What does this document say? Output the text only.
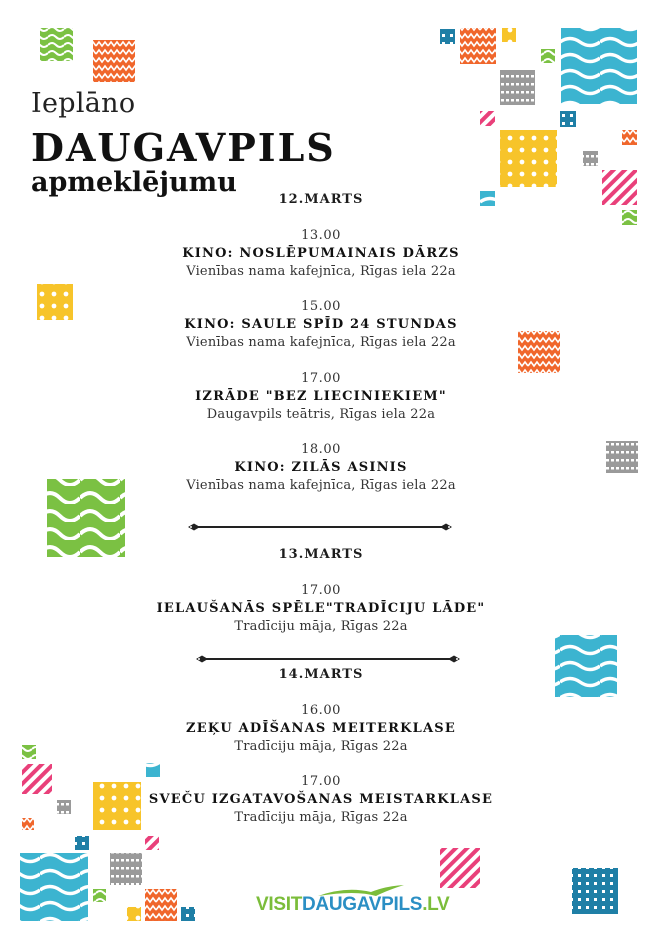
Ieplāno
DAUGAVPILS
apmeklējumu
12.MARTS
13.00
KINO: NOSLĒPUMAINAIS DĀRZS
Vienības nama kafejnīca, Rīgas iela 22a
15.00
KINO: SAULE SPĪD 24 STUNDAS
Vienības nama kafejnīca, Rīgas iela 22a
17.00
IZRĀDE "BEZ LIECINIEKIEM"
Daugavpils teātris, Rīgas iela 22a
18.00
KINO: ZILĀS ASINIS
Vienības nama kafejnīca, Rīgas iela 22a
13.MARTS
17.00
IELAUŠANĀS SPĒLE"TRADĪCIJU LĀDE"
Tradīciju māja, Rīgas 22a
14.MARTS
16.00
ZEĶU ADĪŠANAS MEITERKLASE
Tradīciju māja, Rīgas 22a
17.00
SVEČU IZGATAVOŠANAS MEISTARKLASE
Tradīciju māja, Rīgas 22a
VISITDAUGAVPILS.LV
